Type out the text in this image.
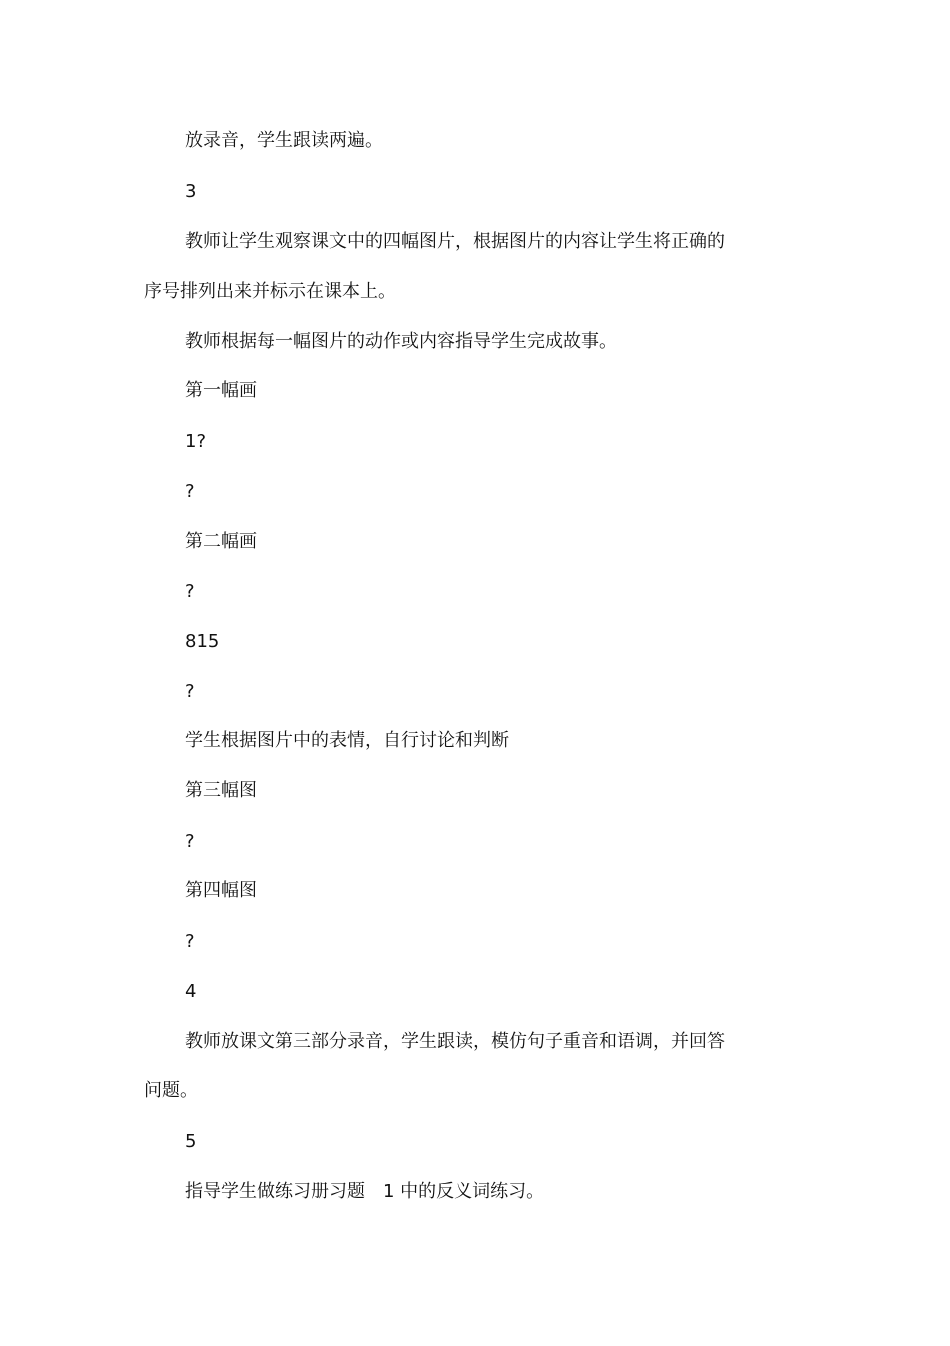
放录音，学生跟读两遍。

3

教师让学生观察课文中的四幅图片，根据图片的内容让学生将正确的

序号排列出来并标示在课本上。

教师根据每一幅图片的动作或内容指导学生完成故事。

第一幅画

1?

?

第二幅画

?

815

?

学生根据图片中的表情，自行讨论和判断

第三幅图

?

第四幅图

?

4

教师放课文第三部分录音，学生跟读，模仿句子重音和语调，并回答

问题。

5

指导学生做练习册习题　1 中的反义词练习。
